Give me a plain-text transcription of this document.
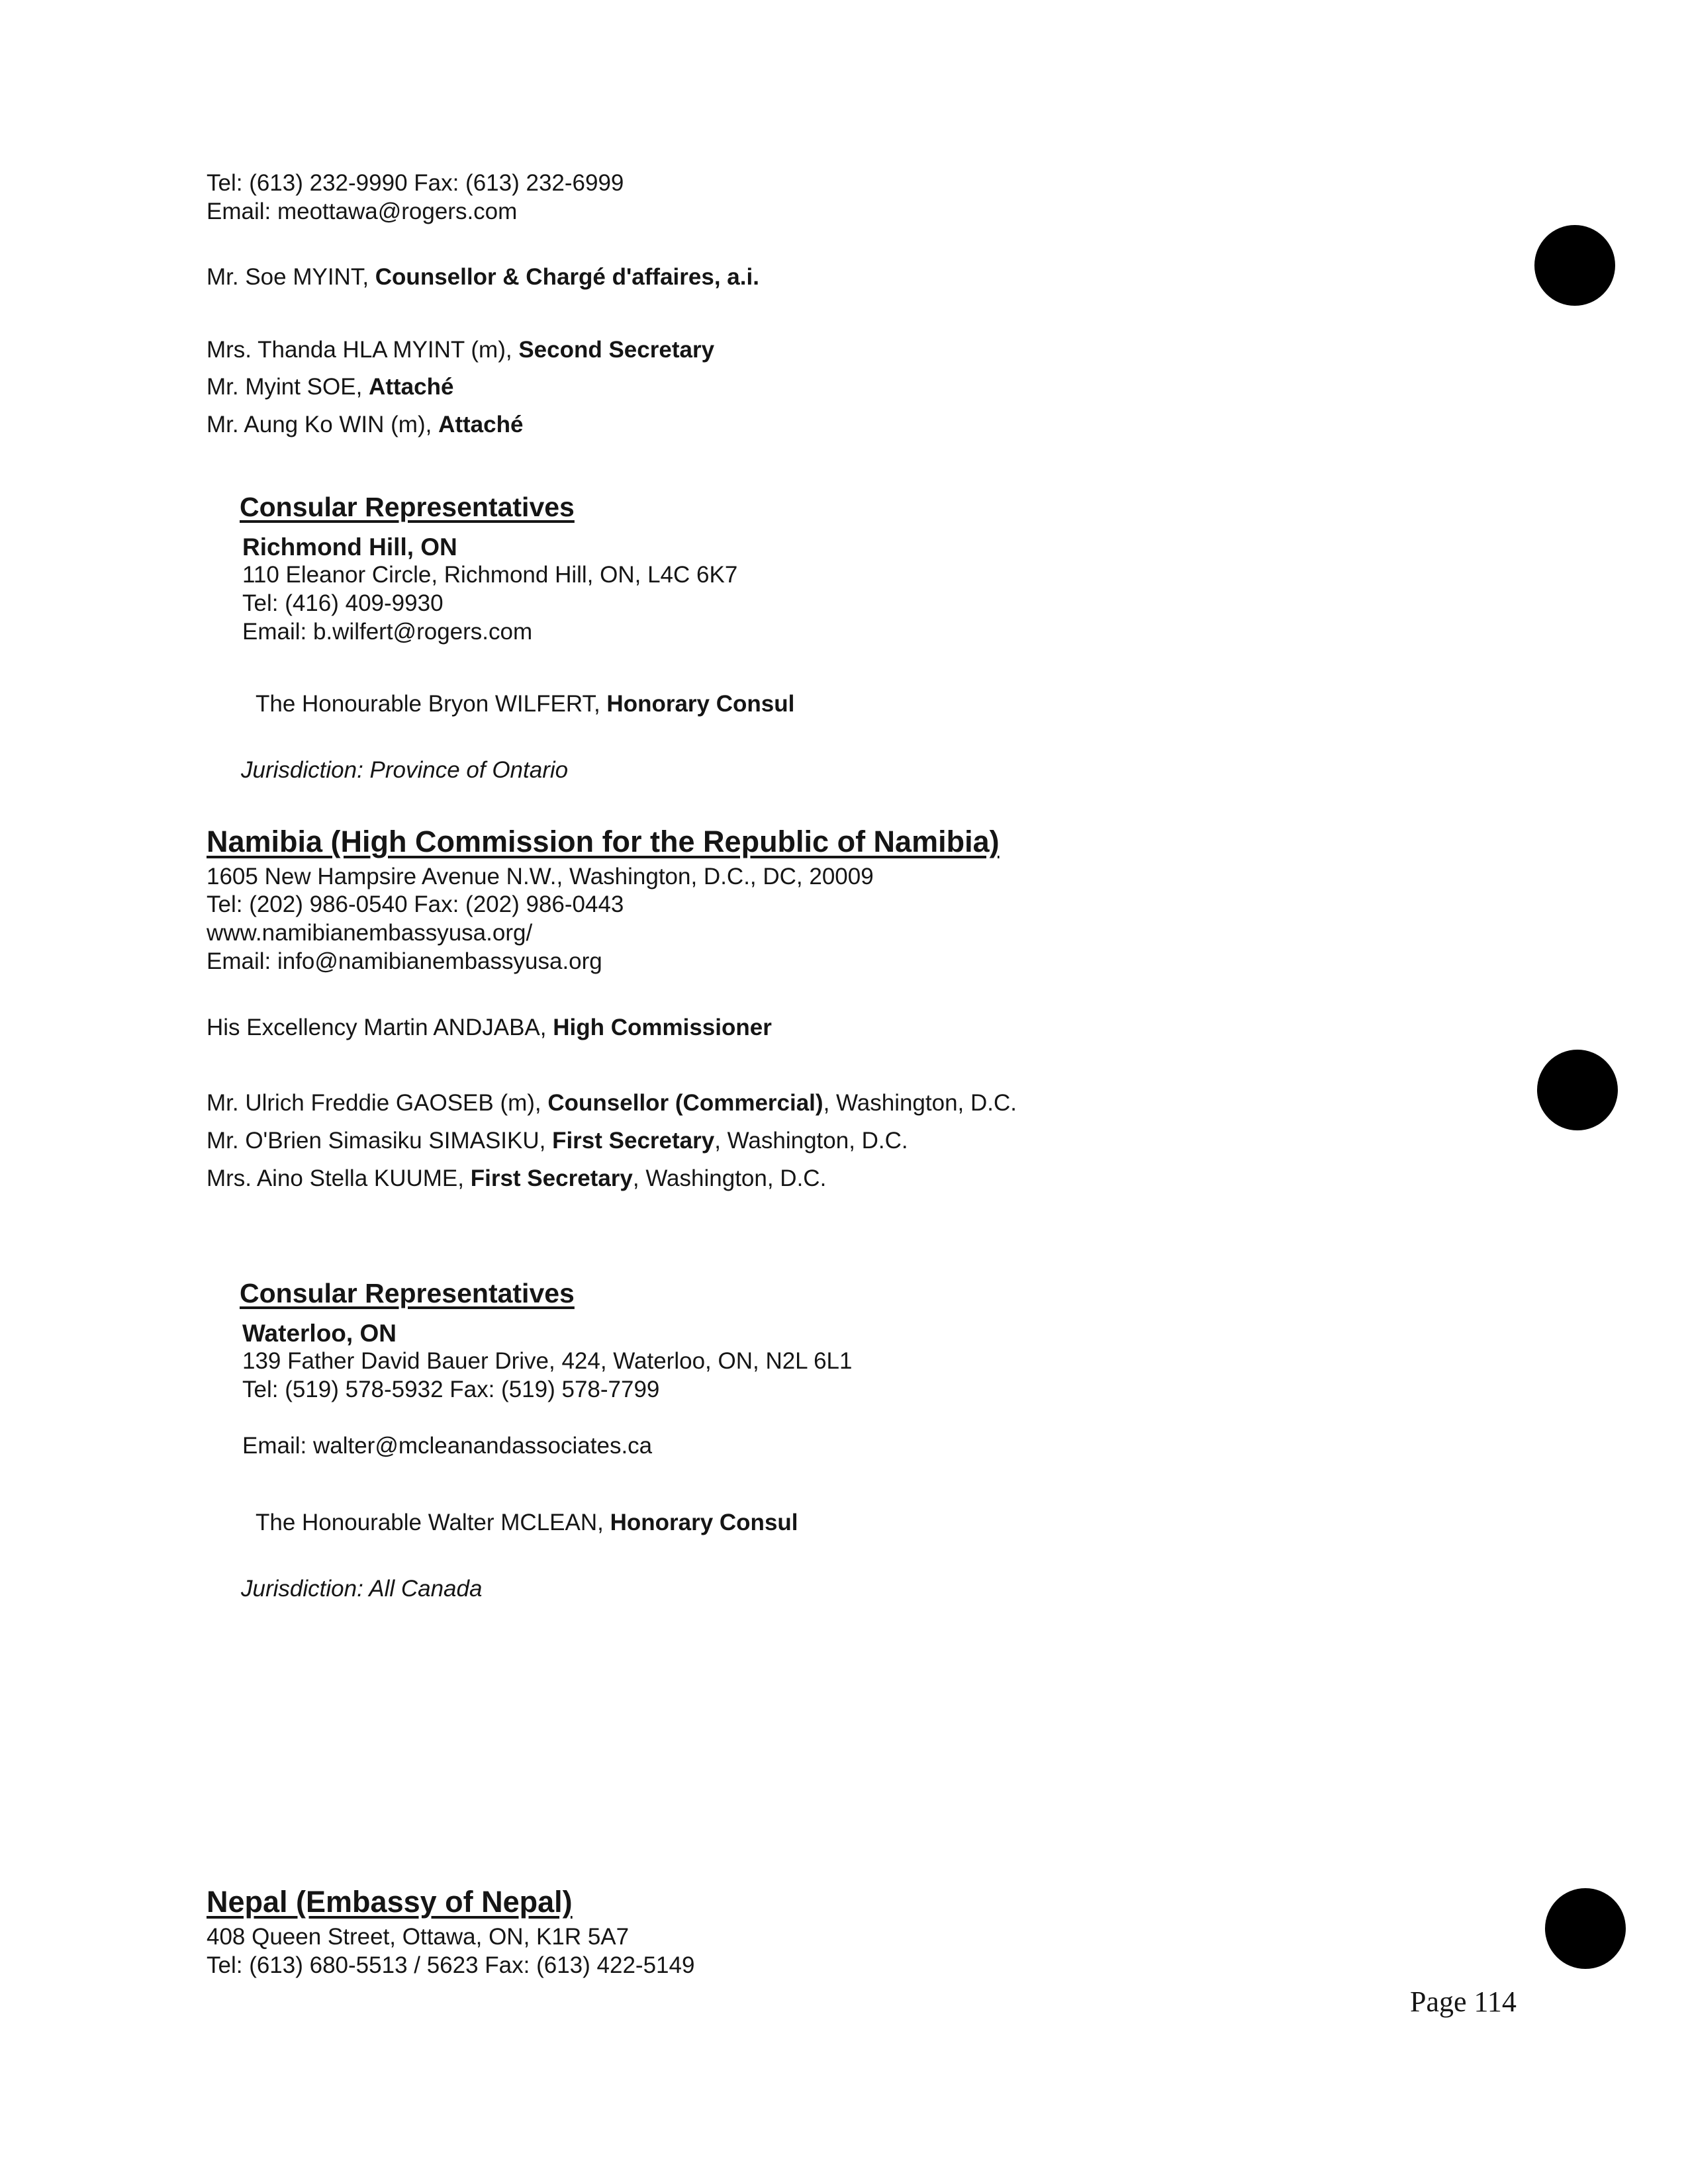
Tel: (613) 232-9990 Fax: (613) 232-6999
Email: meottawa@rogers.com
Mr. Soe MYINT, Counsellor & Chargé d'affaires, a.i.
Mrs. Thanda HLA MYINT (m), Second Secretary
Mr. Myint SOE, Attaché
Mr. Aung Ko WIN (m), Attaché
Consular Representatives
Richmond Hill, ON
110 Eleanor Circle, Richmond Hill, ON, L4C 6K7
Tel: (416) 409-9930
Email: b.wilfert@rogers.com
The Honourable Bryon WILFERT, Honorary Consul
Jurisdiction: Province of Ontario
Namibia (High Commission for the Republic of Namibia)
1605 New Hampsire Avenue N.W., Washington, D.C., DC, 20009
Tel: (202) 986-0540 Fax: (202) 986-0443
www.namibianembassyusa.org/
Email: info@namibianembassyusa.org
His Excellency Martin ANDJABA, High Commissioner
Mr. Ulrich Freddie GAOSEB (m), Counsellor (Commercial), Washington, D.C.
Mr. O'Brien Simasiku SIMASIKU, First Secretary, Washington, D.C.
Mrs. Aino Stella KUUME, First Secretary, Washington, D.C.
Consular Representatives
Waterloo, ON
139 Father David Bauer Drive, 424, Waterloo, ON, N2L 6L1
Tel: (519) 578-5932 Fax: (519) 578-7799
Email: walter@mcleanandassociates.ca
The Honourable Walter MCLEAN, Honorary Consul
Jurisdiction: All Canada
Nepal (Embassy of Nepal)
408 Queen Street, Ottawa, ON, K1R 5A7
Tel: (613) 680-5513 / 5623 Fax: (613) 422-5149
Page 114
